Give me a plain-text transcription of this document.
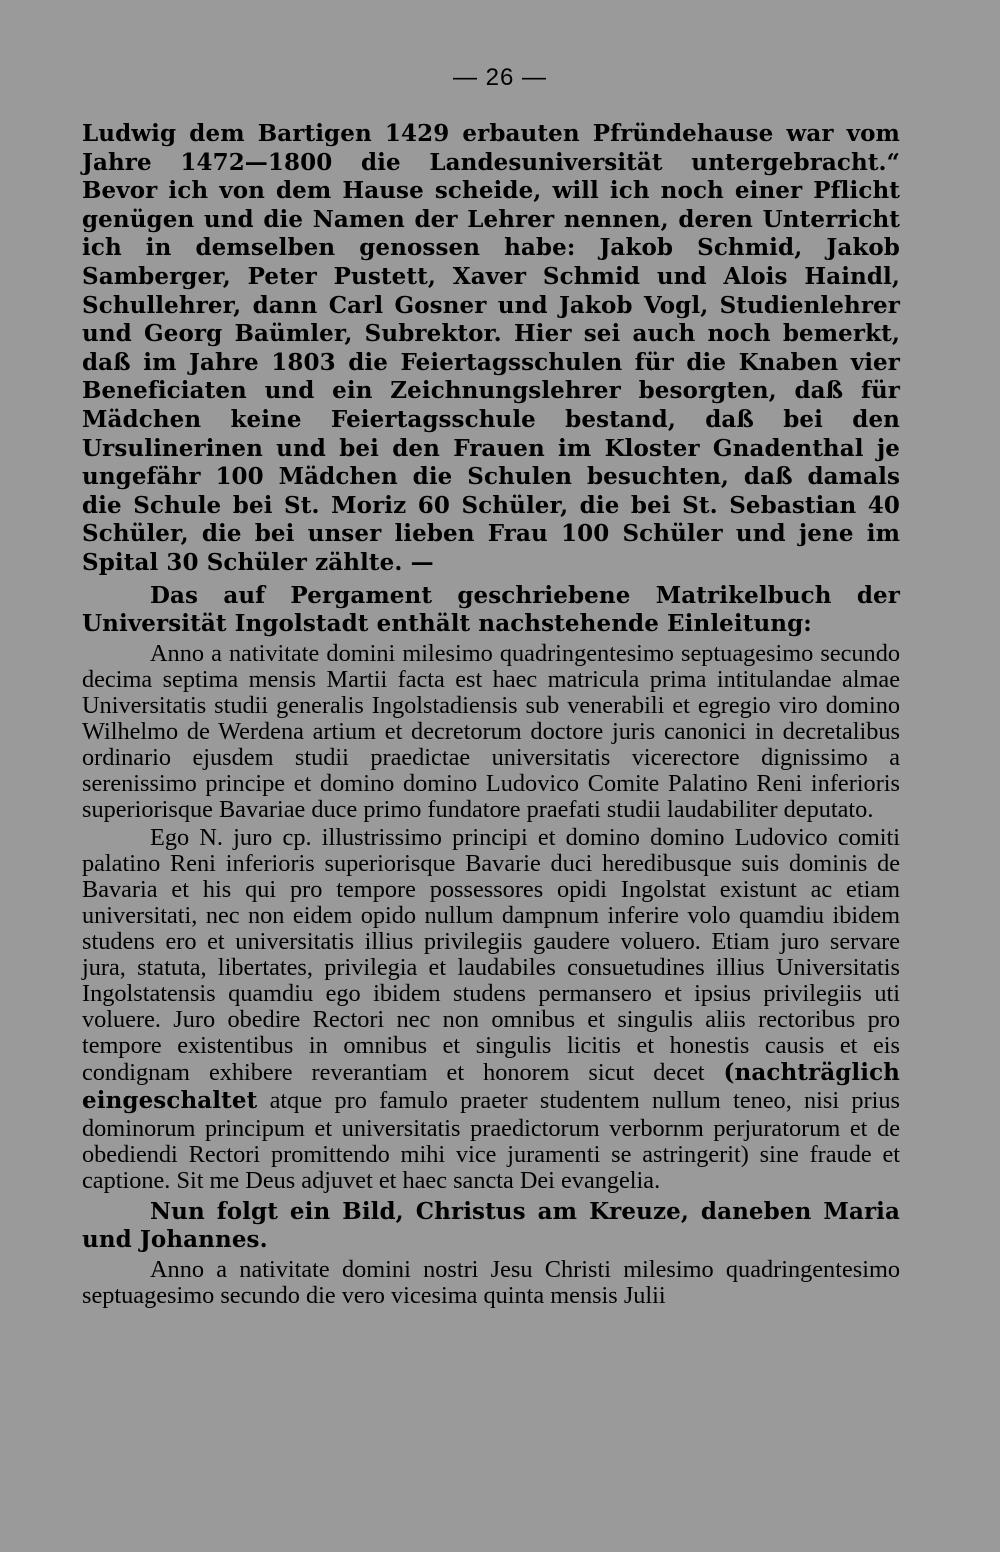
— 26 —

Ludwig dem Bartigen 1429 erbauten Pfründehause war vom Jahre 1472—1800 die Landesuniversität untergebracht.“ Bevor ich von dem Hause scheide, will ich noch einer Pflicht genügen und die Namen der Lehrer nennen, deren Unterricht ich in demselben genossen habe: Jakob Schmid, Jakob Samberger, Peter Pustett, Xaver Schmid und Alois Haindl, Schullehrer, dann Carl Gosner und Jakob Vogl, Studienlehrer und Georg Baümler, Subrektor. Hier sei auch noch bemerkt, daß im Jahre 1803 die Feiertagsschulen für die Knaben vier Beneficiaten und ein Zeichnungslehrer besorgten, daß für Mädchen keine Feiertagsschule bestand, daß bei den Ursulinerinen und bei den Frauen im Kloster Gnadenthal je ungefähr 100 Mädchen die Schulen besuchten, daß damals die Schule bei St. Moriz 60 Schüler, die bei St. Sebastian 40 Schüler, die bei unser lieben Frau 100 Schüler und jene im Spital 30 Schüler zählte. —

Das auf Pergament geschriebene Matrikelbuch der Universität Ingolstadt enthält nachstehende Einleitung:

Anno a nativitate domini milesimo quadringentesimo septuagesimo secundo decima septima mensis Martii facta est haec matricula prima intitulandae almae Universitatis studii generalis Ingolstadiensis sub venerabili et egregio viro domino Wilhelmo de Werdena artium et decretorum doctore juris canonici in decretalibus ordinario ejusdem studii praedictae universitatis vicerectore dignissimo a serenissimo principe et domino domino Ludovico Comite Palatino Reni inferioris superiorisque Bavariae duce primo fundatore praefati studii laudabiliter deputato.

Ego N. juro cp. illustrissimo principi et domino domino Ludovico comiti palatino Reni inferioris superiorisque Bavarie duci heredibusque suis dominis de Bavaria et his qui pro tempore possessores opidi Ingolstat existunt ac etiam universitati, nec non eidem opido nullum dampnum inferire volo quamdiu ibidem studens ero et universitatis illius privilegiis gaudere voluero. Etiam juro servare jura, statuta, libertates, privilegia et laudabiles consuetudines illius Universitatis Ingolstatensis quamdiu ego ibidem studens permansero et ipsius privilegiis uti voluere. Juro obedire Rectori nec non omnibus et singulis aliis rectoribus pro tempore existentibus in omnibus et singulis licitis et honestis causis et eis condignam exhibere reverantiam et honorem sicut decet (nachträglich eingeschaltet atque pro famulo praeter studentem nullum teneo, nisi prius dominorum principum et universitatis praedictorum verbornm perjuratorum et de obediendi Rectori promittendo mihi vice juramenti se astringerit) sine fraude et captione. Sit me Deus adjuvet et haec sancta Dei evangelia.

Nun folgt ein Bild, Christus am Kreuze, daneben Maria und Johannes.

Anno a nativitate domini nostri Jesu Christi milesimo quadringentesimo septuagesimo secundo die vero vicesima quinta mensis Julii
